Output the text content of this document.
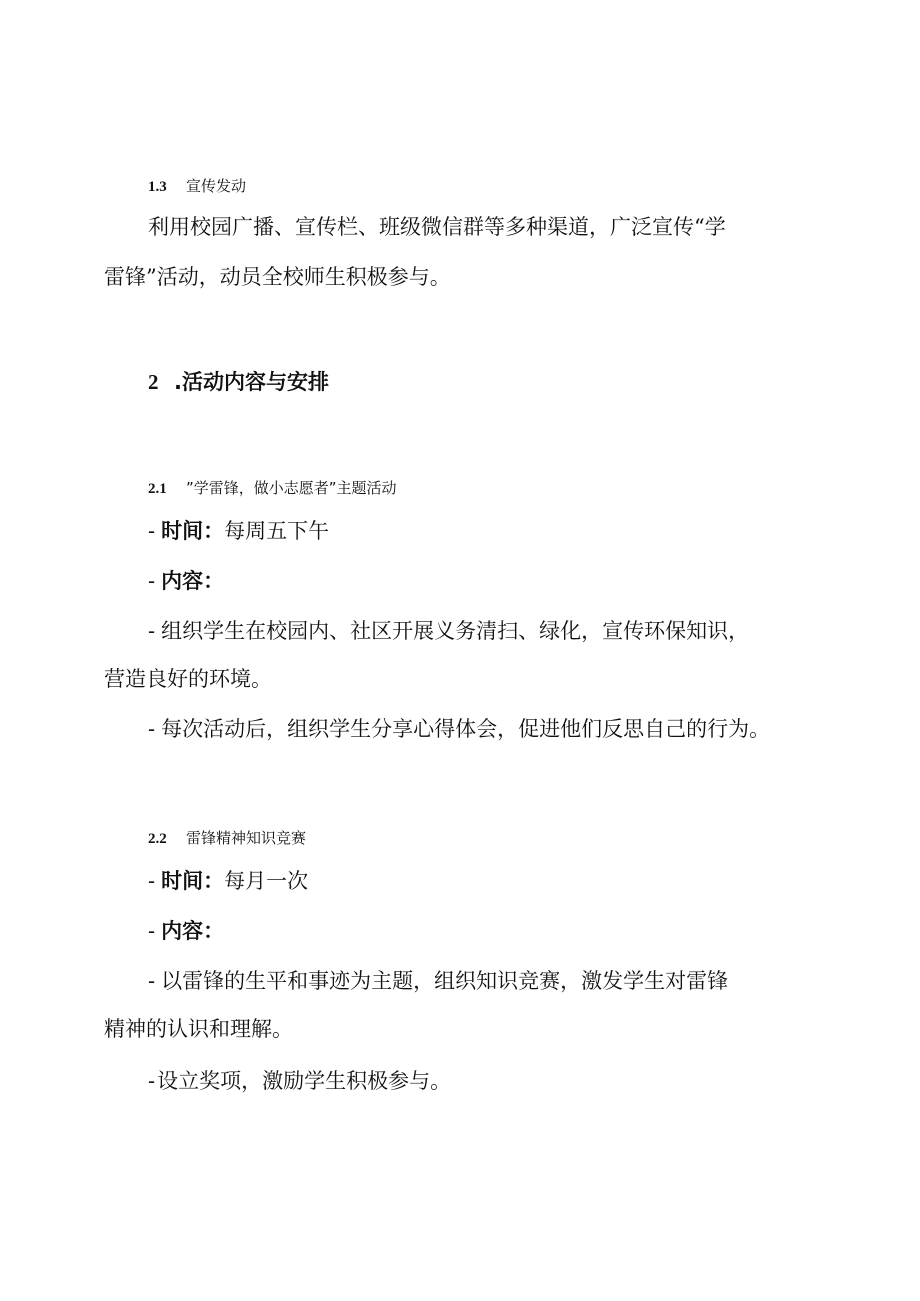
1.3 宣传发动
利用校园广播、宣传栏、班级微信群等多种渠道，广泛宣传“学
雷锋”活动，动员全校师生积极参与。
2 .活动内容与安排
2.1 ”学雷锋，做小志愿者”主题活动
- 时间：每周五下午
- 内容：
- 组织学生在校园内、社区开展义务清扫、绿化，宣传环保知识，
营造良好的环境。
- 每次活动后，组织学生分享心得体会，促进他们反思自己的行为。
2.2 雷锋精神知识竞赛
- 时间：每月一次
- 内容：
- 以雷锋的生平和事迹为主题，组织知识竞赛，激发学生对雷锋
精神的认识和理解。
-设立奖项，激励学生积极参与。
